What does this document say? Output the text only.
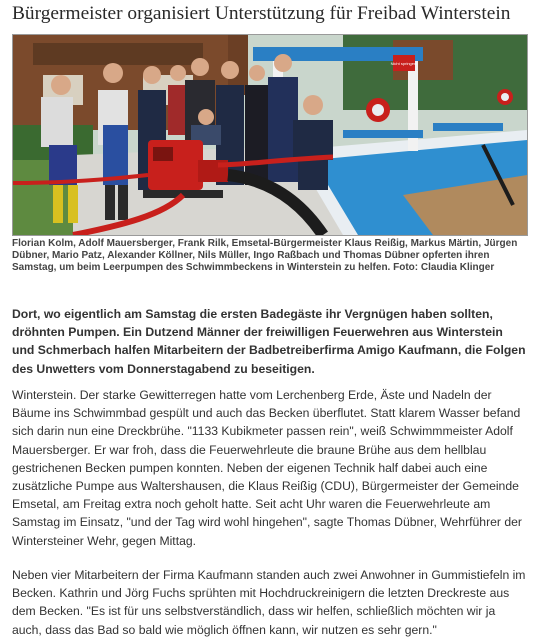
Bürgermeister organisiert Unterstützung für Freibad Winterstein
Nicht springen!
Florian Kolm, Adolf Mauersberger, Frank Rilk, Emsetal-Bürgermeister Klaus Reißig, Markus Märtin, Jürgen Dübner, Mario Patz, Alexander Köllner, Nils Müller, Ingo Raßbach und Thomas Dübner opferten ihren Samstag, um beim Leerpumpen des Schwimmbeckens in Winterstein zu helfen. Foto: Claudia Klinger
Dort, wo eigentlich am Samstag die ersten Badegäste ihr Vergnügen haben sollten, dröhnten Pumpen. Ein Dutzend Männer der freiwilligen Feuerwehren aus Winterstein und Schmerbach halfen Mitarbeitern der Badbetreiberfirma Amigo Kaufmann, die Folgen des Unwetters vom Donnerstagabend zu beseitigen.
Winterstein. Der starke Gewitterregen hatte vom Lerchenberg Erde, Äste und Nadeln der Bäume ins Schwimmbad gespült und auch das Becken überflutet. Statt klarem Wasser befand sich darin nun eine Dreckbrühe. "1133 Kubikmeter passen rein", weiß Schwimmmeister Adolf Mauersberger. Er war froh, dass die Feuerwehrleute die braune Brühe aus dem hellblau gestrichenen Becken pumpen konnten. Neben der eigenen Technik half dabei auch eine zusätzliche Pumpe aus Waltershausen, die Klaus Reißig (CDU), Bürgermeister der Gemeinde Emsetal, am Freitag extra noch geholt hatte. Seit acht Uhr waren die Feuerwehrleute am Samstag im Einsatz, "und der Tag wird wohl hingehen", sagte Thomas Dübner, Wehrführer der Wintersteiner Wehr, gegen Mittag.
Neben vier Mitarbeitern der Firma Kaufmann standen auch zwei Anwohner in Gummistiefeln im Becken. Kathrin und Jörg Fuchs sprühten mit Hochdruckreinigern die letzten Dreckreste aus dem Becken. "Es ist für uns selbstverständlich, dass wir helfen, schließlich möchten wir ja auch, dass das Bad so bald wie möglich öffnen kann, wir nutzen es sehr gern."
